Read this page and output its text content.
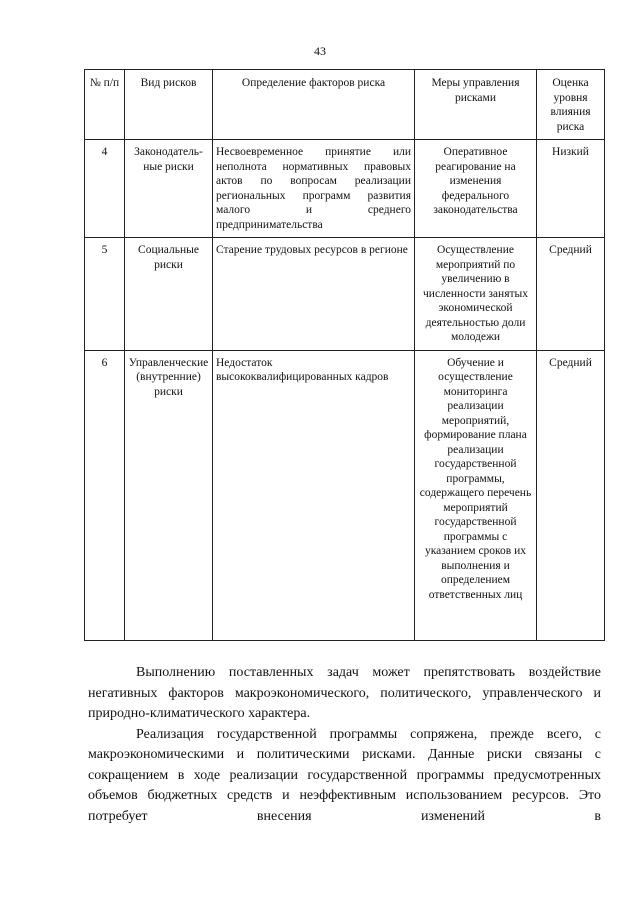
43
№ п/п	Вид рисков	Определение факторов риска	Меры управления рисками	Оценка уровня влияния риска
4	Законодатель-ные риски	Несвоевременное принятие или неполнота нормативных правовых актов по вопросам реализации региональных программ развития малого и среднего предпринимательства	Оперативное реагирование на изменения федерального законодательства	Низкий
5	Социальные риски	Старение трудовых ресурсов в регионе	Осуществление мероприятий по увеличению в численности занятых экономической деятельностью доли молодежи	Средний
6	Управленческие (внутренние) риски	Недостаток высококвалифицированных кадров	Обучение и осуществление мониторинга реализации мероприятий, формирование плана реализации государственной программы, содержащего перечень мероприятий государственной программы с указанием сроков их выполнения и определением ответственных лиц	Средний

Выполнению поставленных задач может препятствовать воздействие негативных факторов макроэкономического, политического, управленческого и природно-климатического характера.

Реализация государственной программы сопряжена, прежде всего, с макроэкономическими и политическими рисками. Данные риски связаны с сокращением в ходе реализации государственной программы предусмотренных объемов бюджетных средств и неэффективным использованием ресурсов. Это потребует внесения изменений в
